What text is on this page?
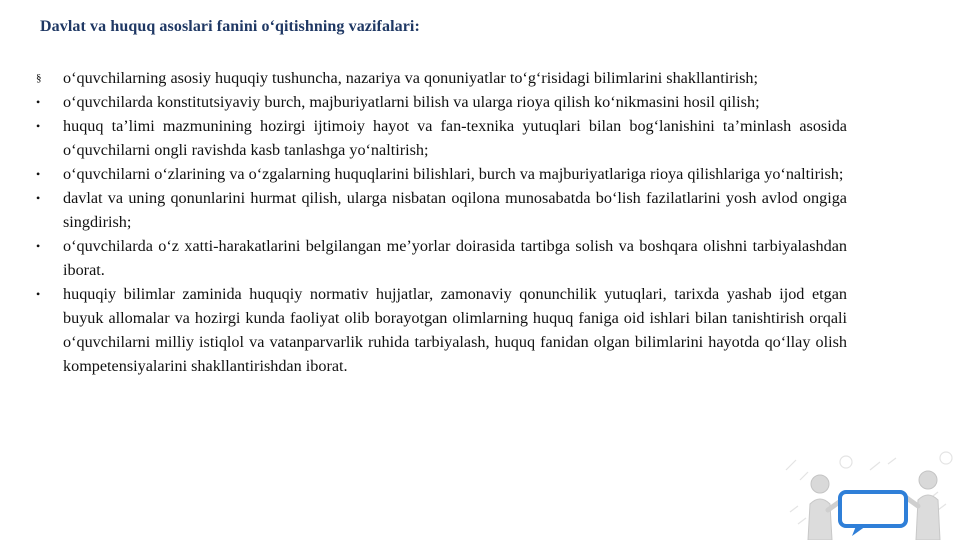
Davlat va huquq asoslari fanini o‘qitishning vazifalari:
§	o‘quvchilarning asosiy huquqiy tushuncha, nazariya va qonuniyatlar to‘g‘risidagi bilimlarini shakllantirish;
•	o‘quvchilarda konstitutsiyaviy burch, majburiyatlarni bilish va ularga rioya qilish ko‘nikmasini hosil qilish;
•	huquq ta’limi mazmunining hozirgi ijtimoiy hayot va fan-texnika yutuqlari bilan bog‘lanishini ta’minlash asosida o‘quvchilarni ongli ravishda kasb tanlashga yo‘naltirish;
•	o‘quvchilarni o‘zlarining va o‘zgalarning huquqlarini bilishlari, burch va majburiyatlariga rioya qilishlariga yo‘naltirish;
•	davlat va uning qonunlarini hurmat qilish, ularga nisbatan oqilona munosabatda bo‘lish fazilatlarini yosh avlod ongiga singdirish;
•	o‘quvchilarda o‘z xatti-harakatlarini belgilangan me’yorlar doirasida tartibga solish va boshqara olishni tarbiyalashdan iborat.
•	huquqiy bilimlar zaminida huquqiy normativ hujjatlar, zamonaviy qonunchilik yutuqlari, tarixda yashab ijod etgan buyuk allomalar va hozirgi kunda faoliyat olib borayotgan olimlarning huquq faniga oid ishlari bilan tanishtirish orqali o‘quvchilarni milliy istiqlol va vatanparvarlik ruhida tarbiyalash, huquq fanidan olgan bilimlarini hayotda qo‘llay olish kompetensiyalarini shakllantirishdan iborat.
